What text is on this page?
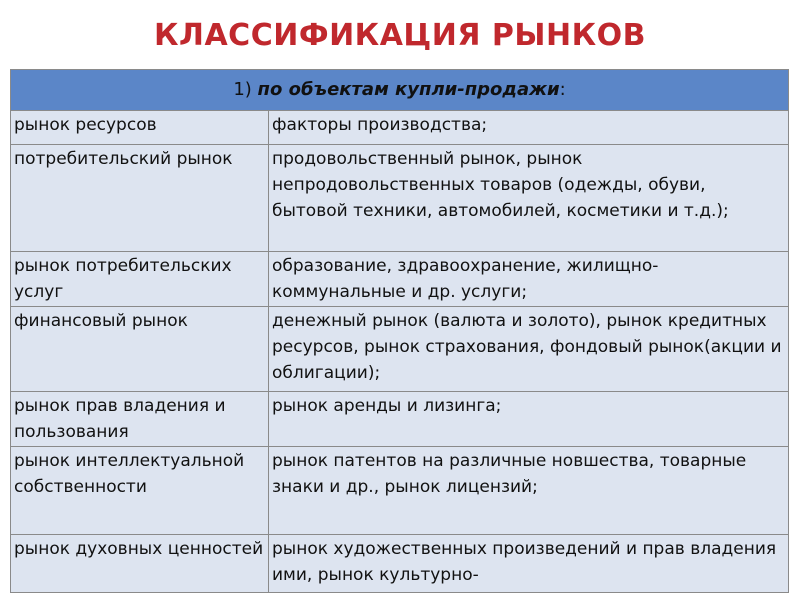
КЛАССИФИКАЦИЯ РЫНКОВ
1) по объектам купли-продажи:	
рынок ресурсов	факторы производства;
потребительский рынок	продовольственный рынок, рынок непродовольственных товаров (одежды, обуви, бытовой техники, автомобилей, косметики и т.д.);
рынок потребительских услуг	образование, здравоохранение, жилищно-коммунальные и др. услуги;
финансовый рынок	денежный рынок (валюта и золото), рынок кредитных ресурсов, рынок страхования, фондовый рынок(акции и облигации);
рынок прав владения и пользования	рынок аренды и лизинга;
рынок интеллектуальной собственности	рынок патентов на различные новшества, товарные знаки и др., рынок лицензий;
рынок духовных ценностей	рынок художественных произведений и прав владения ими, рынок культурно-
